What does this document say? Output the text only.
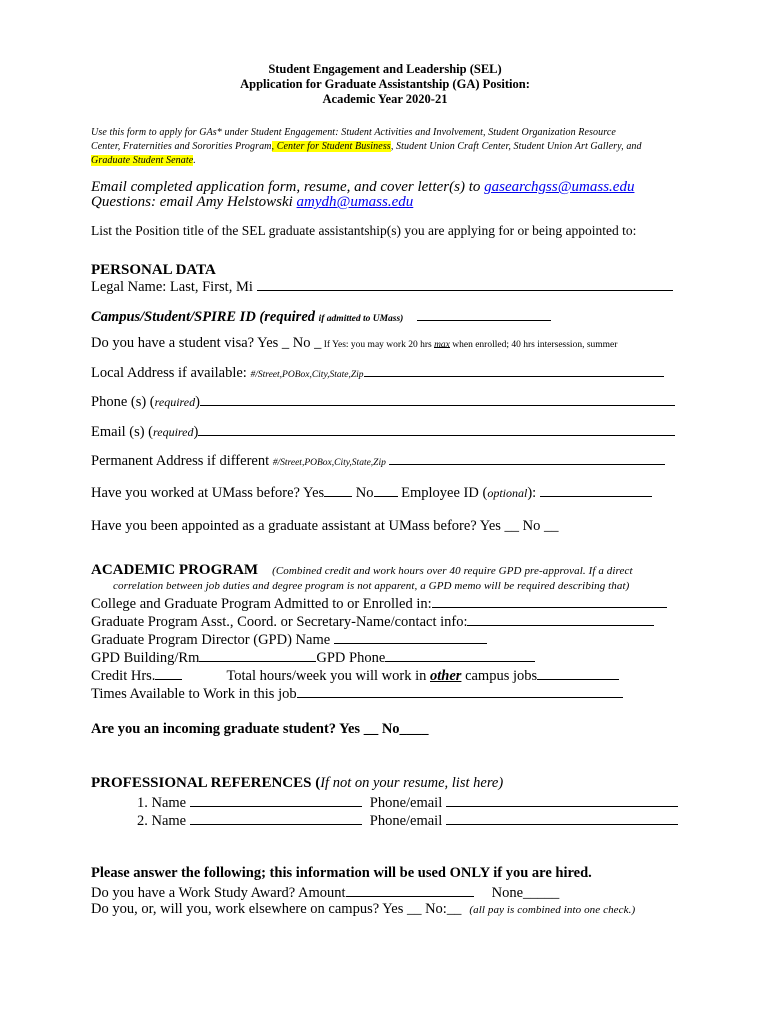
Student Engagement and Leadership (SEL)
Application for Graduate Assistantship (GA) Position:
Academic Year 2020-21
Use this form to apply for GAs* under Student Engagement: Student Activities and Involvement, Student Organization Resource
Center, Fraternities and Sororities Program, Center for Student Business, Student Union Craft Center, Student Union Art Gallery, and
Graduate Student Senate.
Email completed application form, resume, and cover letter(s) to gasearchgss@umass.edu
Questions: email Amy Helstowski amydh@umass.edu
List the Position title of the SEL graduate assistantship(s) you are applying for or being appointed to:
PERSONAL DATA
Legal Name: Last, First, Mi
Campus/Student/SPIRE ID (required if admitted to UMass)
Do you have a student visa? Yes _ No _ If Yes: you may work 20 hrs max when enrolled; 40 hrs intersession, summer
Local Address if available: #/Street,POBox,City,State,Zip
Phone (s) (required)
Email (s) (required)
Permanent Address if different #/Street,POBox,City,State,Zip
Have you worked at UMass before? Yes No Employee ID (optional):
Have you been appointed as a graduate assistant at UMass before? Yes __ No __
ACADEMIC PROGRAM (Combined credit and work hours over 40 require GPD pre-approval. If a direct
correlation between job duties and degree program is not apparent, a GPD memo will be required describing that)
College and Graduate Program Admitted to or Enrolled in:
Graduate Program Asst., Coord. or Secretary-Name/contact info:
Graduate Program Director (GPD) Name
GPD Building/Rm	GPD Phone
Credit Hrs.	Total hours/week you will work in other campus jobs
Times Available to Work in this job
Are you an incoming graduate student? Yes __ No____
PROFESSIONAL REFERENCES (If not on your resume, list here)
1. Name	Phone/email
2. Name	Phone/email
Please answer the following; this information will be used ONLY if you are hired.
Do you have a Work Study Award? Amount	None_____
Do you, or, will you, work elsewhere on campus? Yes __ No:__ (all pay is combined into one check.)
